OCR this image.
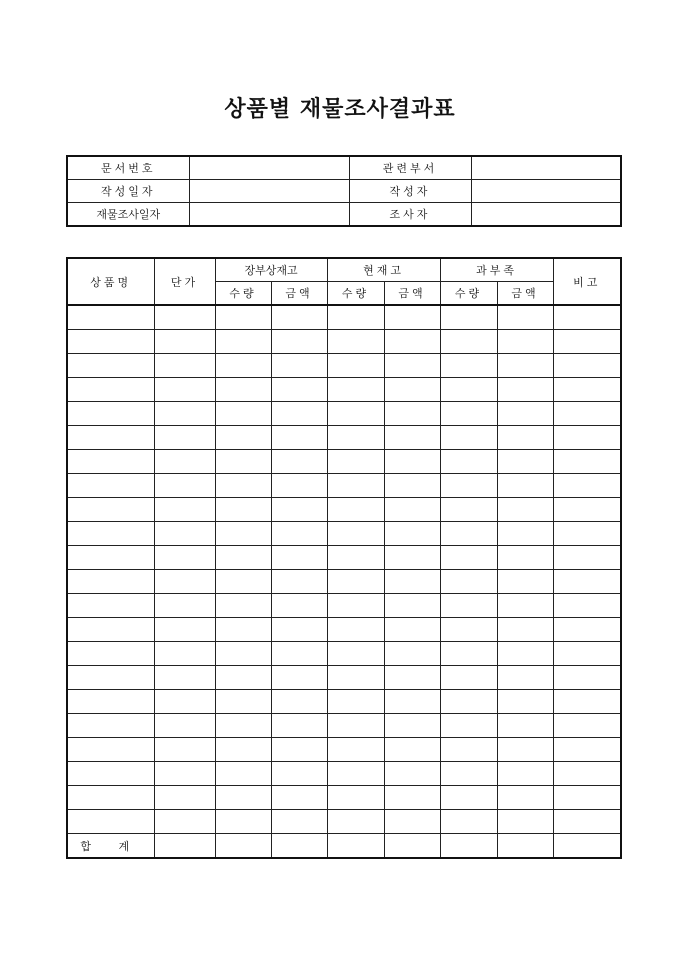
상품별 재물조사결과표
문서번호		관련부서	
작성일자		작성자	
재물조사일자		조사자	
상품명	단가	장부상재고		현재고		과부족		비고
		수량	금액	수량	금액	수량	금액	

합 계								
